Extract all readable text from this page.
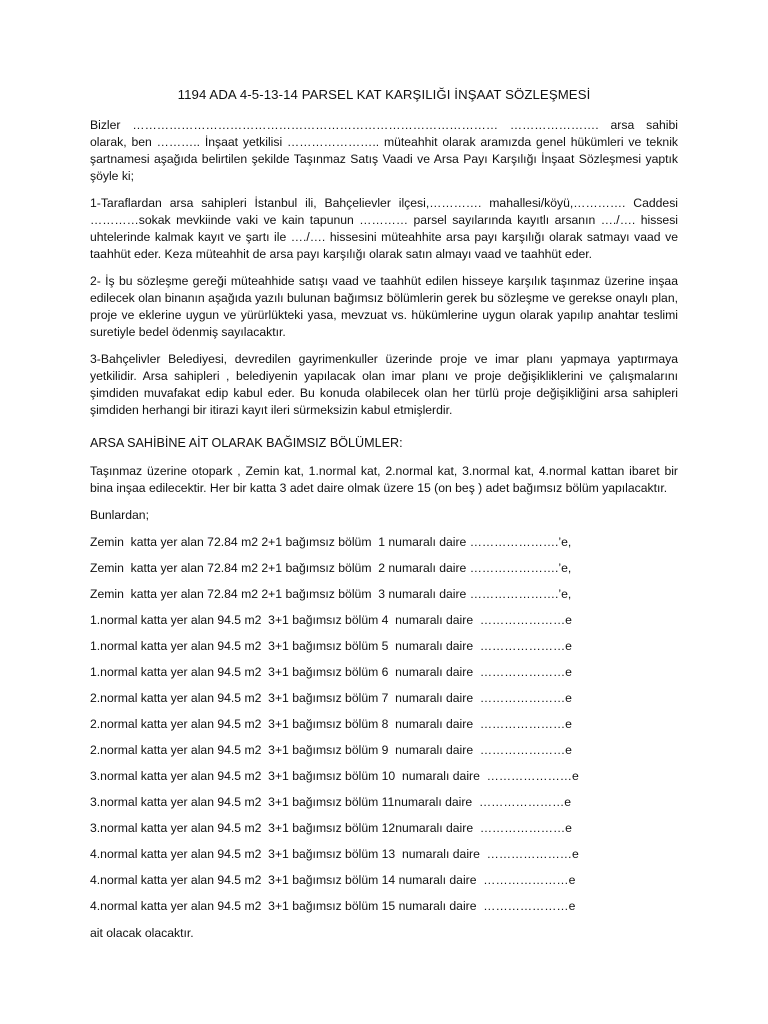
1194 ADA 4-5-13-14 PARSEL KAT KARŞILIĞI İNŞAAT SÖZLEŞMESİ

Bizler ……………………………………………………………………………… …………………. arsa sahibi olarak, ben ……….. İnşaat yetkilisi ………………….. müteahhit olarak aramızda genel hükümleri ve teknik şartnamesi aşağıda belirtilen şekilde Taşınmaz Satış Vaadi ve Arsa Payı Karşılığı İnşaat Sözleşmesi yaptık şöyle ki;

1-Taraflardan arsa sahipleri İstanbul ili, Bahçelievler ilçesi,…………. mahallesi/köyü,…………. Caddesi …………sokak mevkiinde vaki ve kain tapunun ………… parsel sayılarında kayıtlı arsanın …./…. hissesi uhtelerinde kalmak kayıt ve şartı ile …./…. hissesini müteahhite arsa payı karşılığı olarak satmayı vaad ve taahhüt eder. Keza müteahhit de arsa payı karşılığı olarak satın almayı vaad ve taahhüt eder.

2- İş bu sözleşme gereği müteahhide satışı vaad ve taahhüt edilen hisseye karşılık taşınmaz üzerine inşaa edilecek olan binanın aşağıda yazılı bulunan bağımsız bölümlerin gerek bu sözleşme ve gerekse onaylı plan, proje ve eklerine uygun ve yürürlükteki yasa, mevzuat vs. hükümlerine uygun olarak yapılıp anahtar teslimi suretiyle bedel ödenmiş sayılacaktır.

3-Bahçelivler Belediyesi, devredilen gayrimenkuller üzerinde proje ve imar planı yapmaya yaptırmaya yetkilidir. Arsa sahipleri , belediyenin yapılacak olan imar planı ve proje değişikliklerini ve çalışmalarını şimdiden muvafakat edip kabul eder. Bu konuda olabilecek olan her türlü proje değişikliğini arsa sahipleri şimdiden herhangi bir itirazi kayıt ileri sürmeksizin kabul etmişlerdir.

ARSA SAHİBİNE AİT OLARAK BAĞIMSIZ BÖLÜMLER:

Taşınmaz üzerine otopark , Zemin kat, 1.normal kat, 2.normal kat, 3.normal kat, 4.normal kattan ibaret bir bina inşaa edilecektir. Her bir katta 3 adet daire olmak üzere 15 (on beş ) adet bağımsız bölüm yapılacaktır.

Bunlardan;
Zemin  katta yer alan 72.84 m2 2+1 bağımsız bölüm  1 numaralı daire ………………….’e,
Zemin  katta yer alan 72.84 m2 2+1 bağımsız bölüm  2 numaralı daire ………………….’e,
Zemin  katta yer alan 72.84 m2 2+1 bağımsız bölüm  3 numaralı daire ………………….’e,
1.normal katta yer alan 94.5 m2  3+1 bağımsız bölüm 4  numaralı daire  …………………e
1.normal katta yer alan 94.5 m2  3+1 bağımsız bölüm 5  numaralı daire  …………………e
1.normal katta yer alan 94.5 m2  3+1 bağımsız bölüm 6  numaralı daire  …………………e
2.normal katta yer alan 94.5 m2  3+1 bağımsız bölüm 7  numaralı daire  …………………e
2.normal katta yer alan 94.5 m2  3+1 bağımsız bölüm 8  numaralı daire  …………………e
2.normal katta yer alan 94.5 m2  3+1 bağımsız bölüm 9  numaralı daire  …………………e
3.normal katta yer alan 94.5 m2  3+1 bağımsız bölüm 10  numaralı daire  …………………e
3.normal katta yer alan 94.5 m2  3+1 bağımsız bölüm 11numaralı daire  …………………e
3.normal katta yer alan 94.5 m2  3+1 bağımsız bölüm 12numaralı daire  …………………e
4.normal katta yer alan 94.5 m2  3+1 bağımsız bölüm 13  numaralı daire  …………………e
4.normal katta yer alan 94.5 m2  3+1 bağımsız bölüm 14 numaralı daire  …………………e
4.normal katta yer alan 94.5 m2  3+1 bağımsız bölüm 15 numaralı daire  …………………e
ait olacak olacaktır.
